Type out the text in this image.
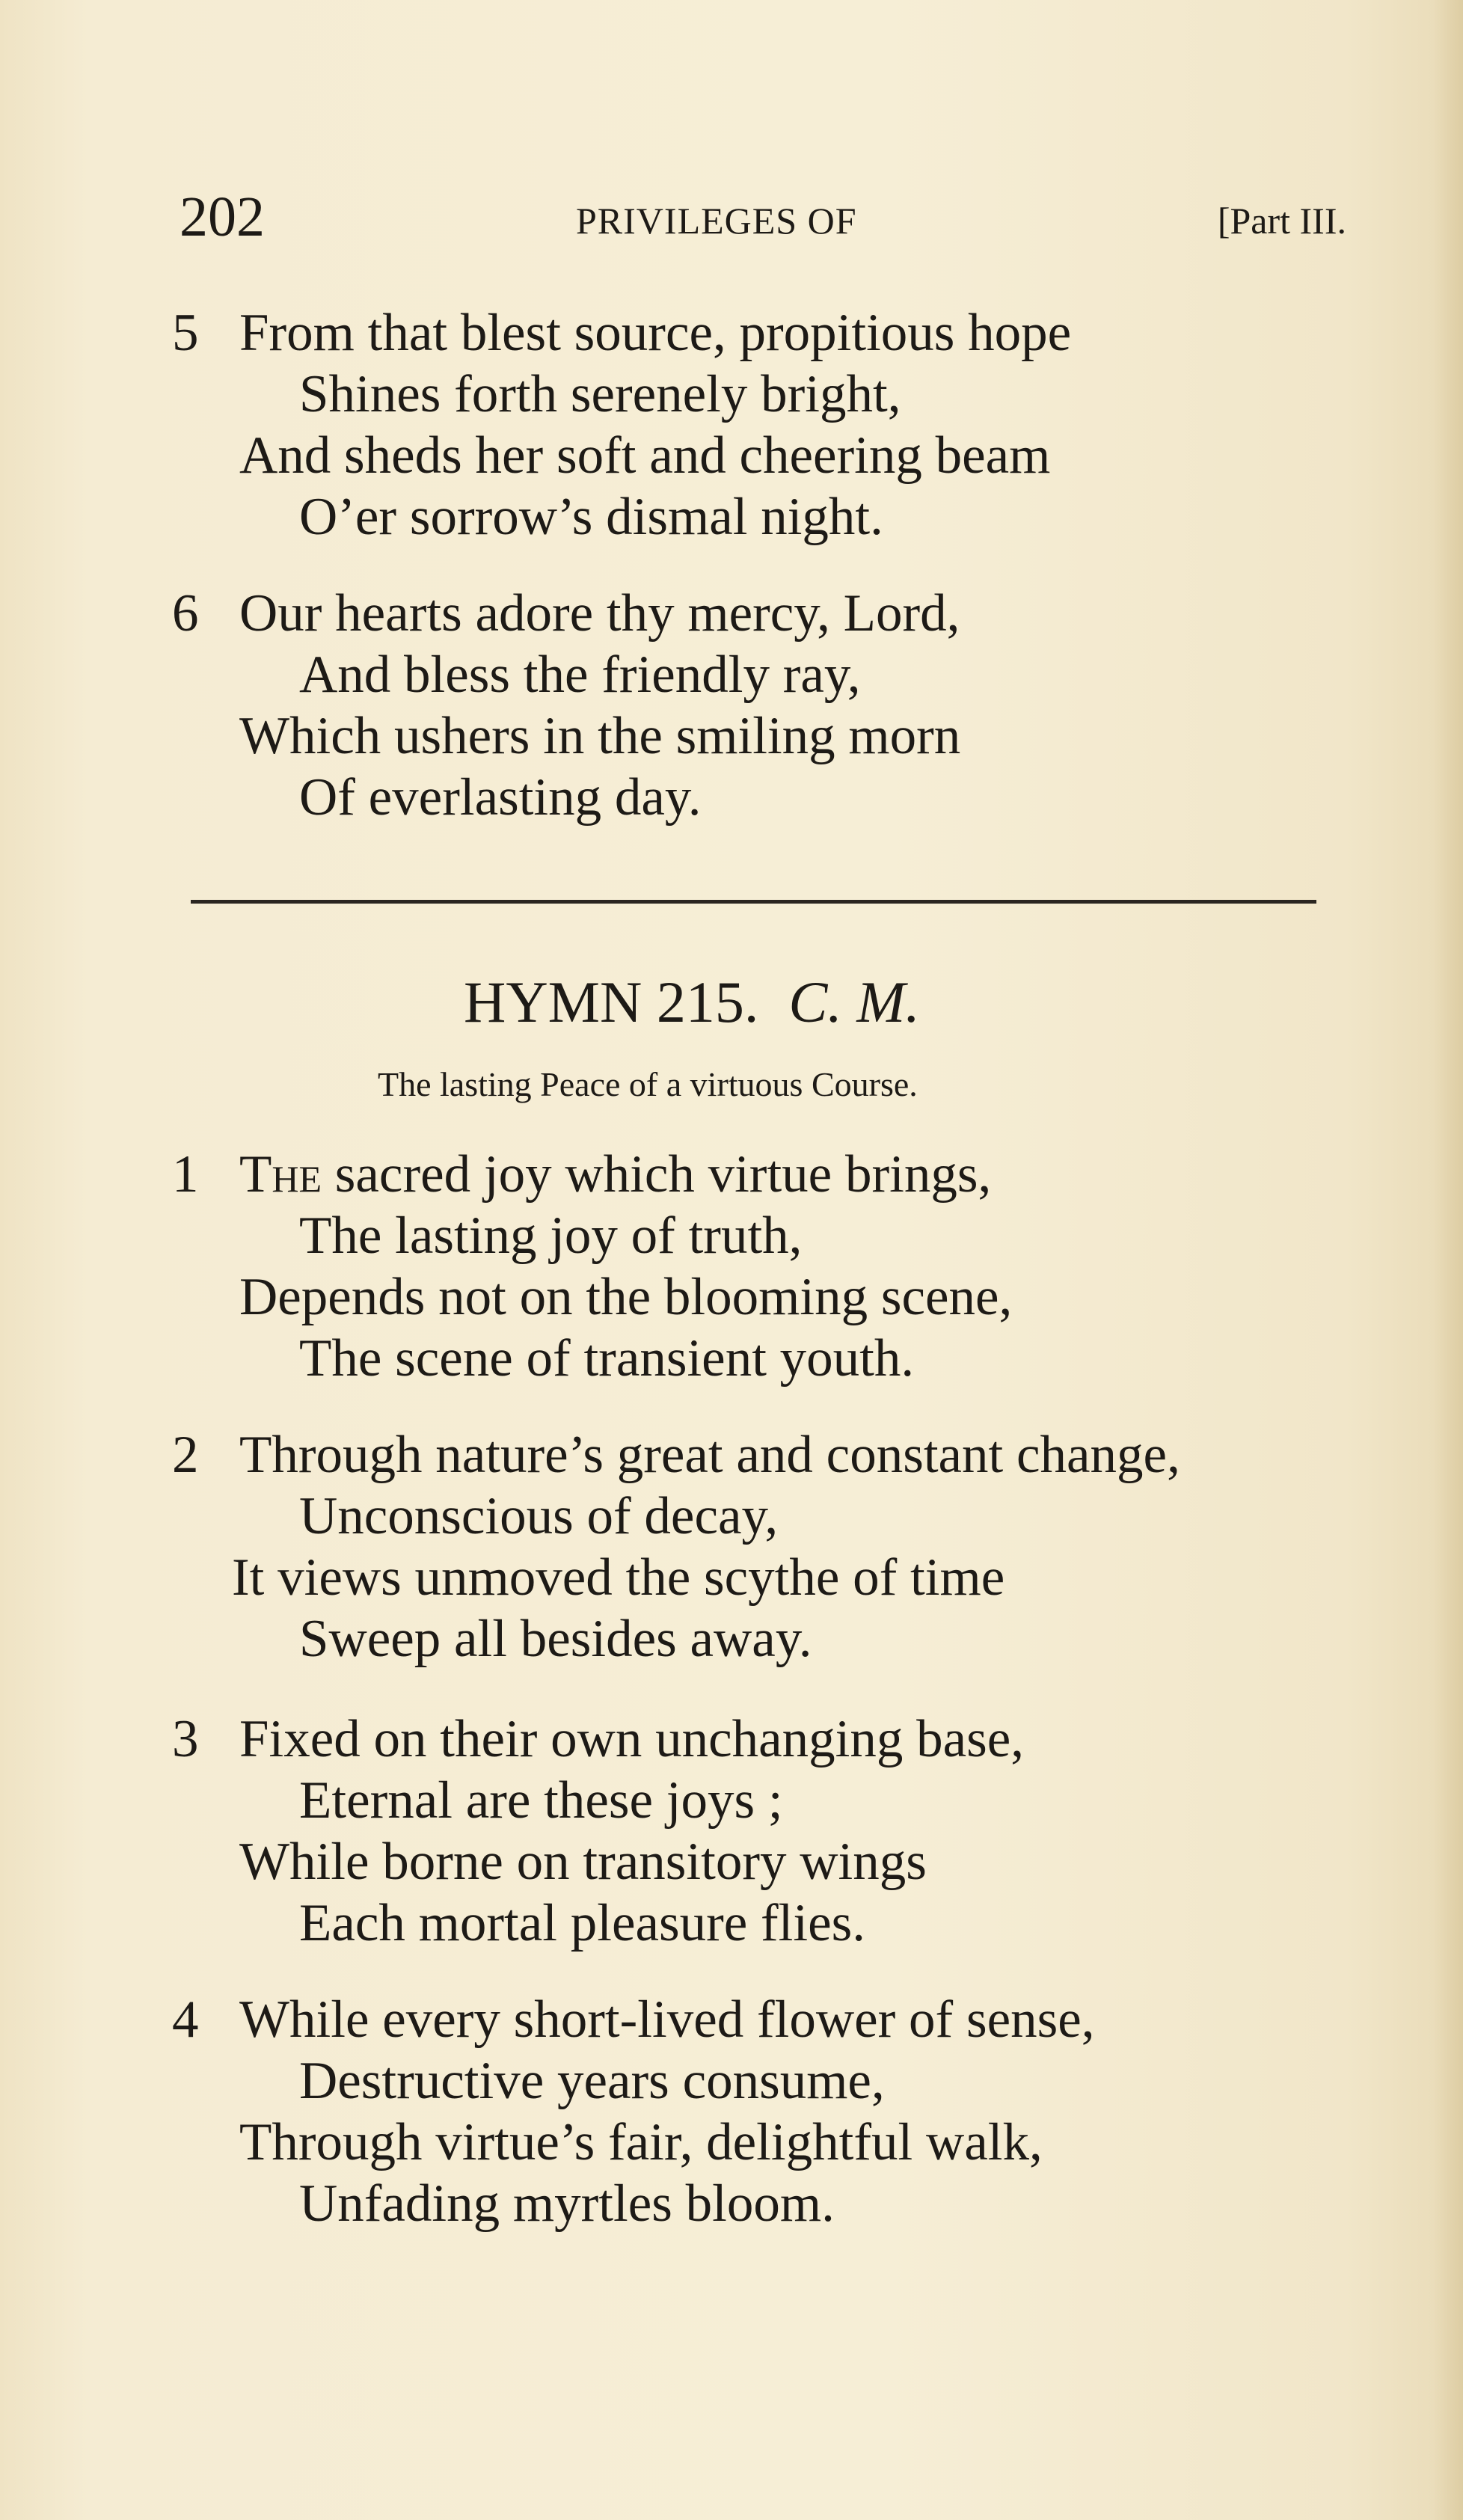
202	PRIVILEGES OF	[Part III.
5 From that blest source, propitious hope
Shines forth serenely bright,
And sheds her soft and cheering beam
O’er sorrow’s dismal night.
6 Our hearts adore thy mercy, Lord,
And bless the friendly ray,
Which ushers in the smiling morn
Of everlasting day.
HYMN 215. C. M.
The lasting Peace of a virtuous Course.
1 The sacred joy which virtue brings,
The lasting joy of truth,
Depends not on the blooming scene,
The scene of transient youth.
2 Through nature’s great and constant change,
Unconscious of decay,
It views unmoved the scythe of time
Sweep all besides away.
3 Fixed on their own unchanging base,
Eternal are these joys ;
While borne on transitory wings
Each mortal pleasure flies.
4 While every short-lived flower of sense,
Destructive years consume,
Through virtue’s fair, delightful walk,
Unfading myrtles bloom.
